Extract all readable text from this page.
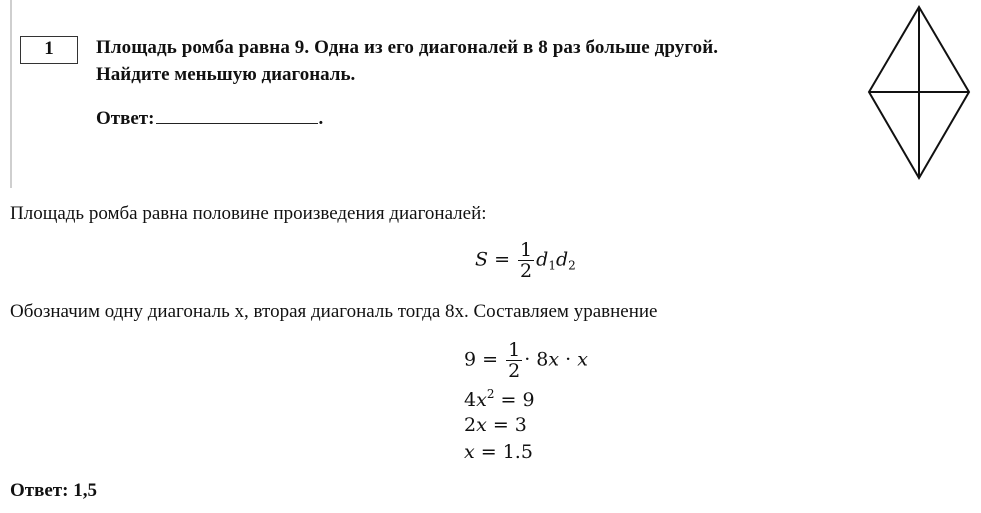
1	Площадь ромба равна 9. Одна из его диагоналей в 8 раз больше другой.
Найдите меньшую диагональ.
Ответ:	.
Площадь ромба равна половине произведения диагоналей:
$S = \frac{1}{2} d_1d_2$
Обозначим одну диагональ x, вторая диагональ тогда 8x. Составляем уравнение
$9 = \frac{1}{2} \cdot 8x \cdot x$
$4x^2 = 9$
2x = 3
x = 1.5
Ответ: 1,5
